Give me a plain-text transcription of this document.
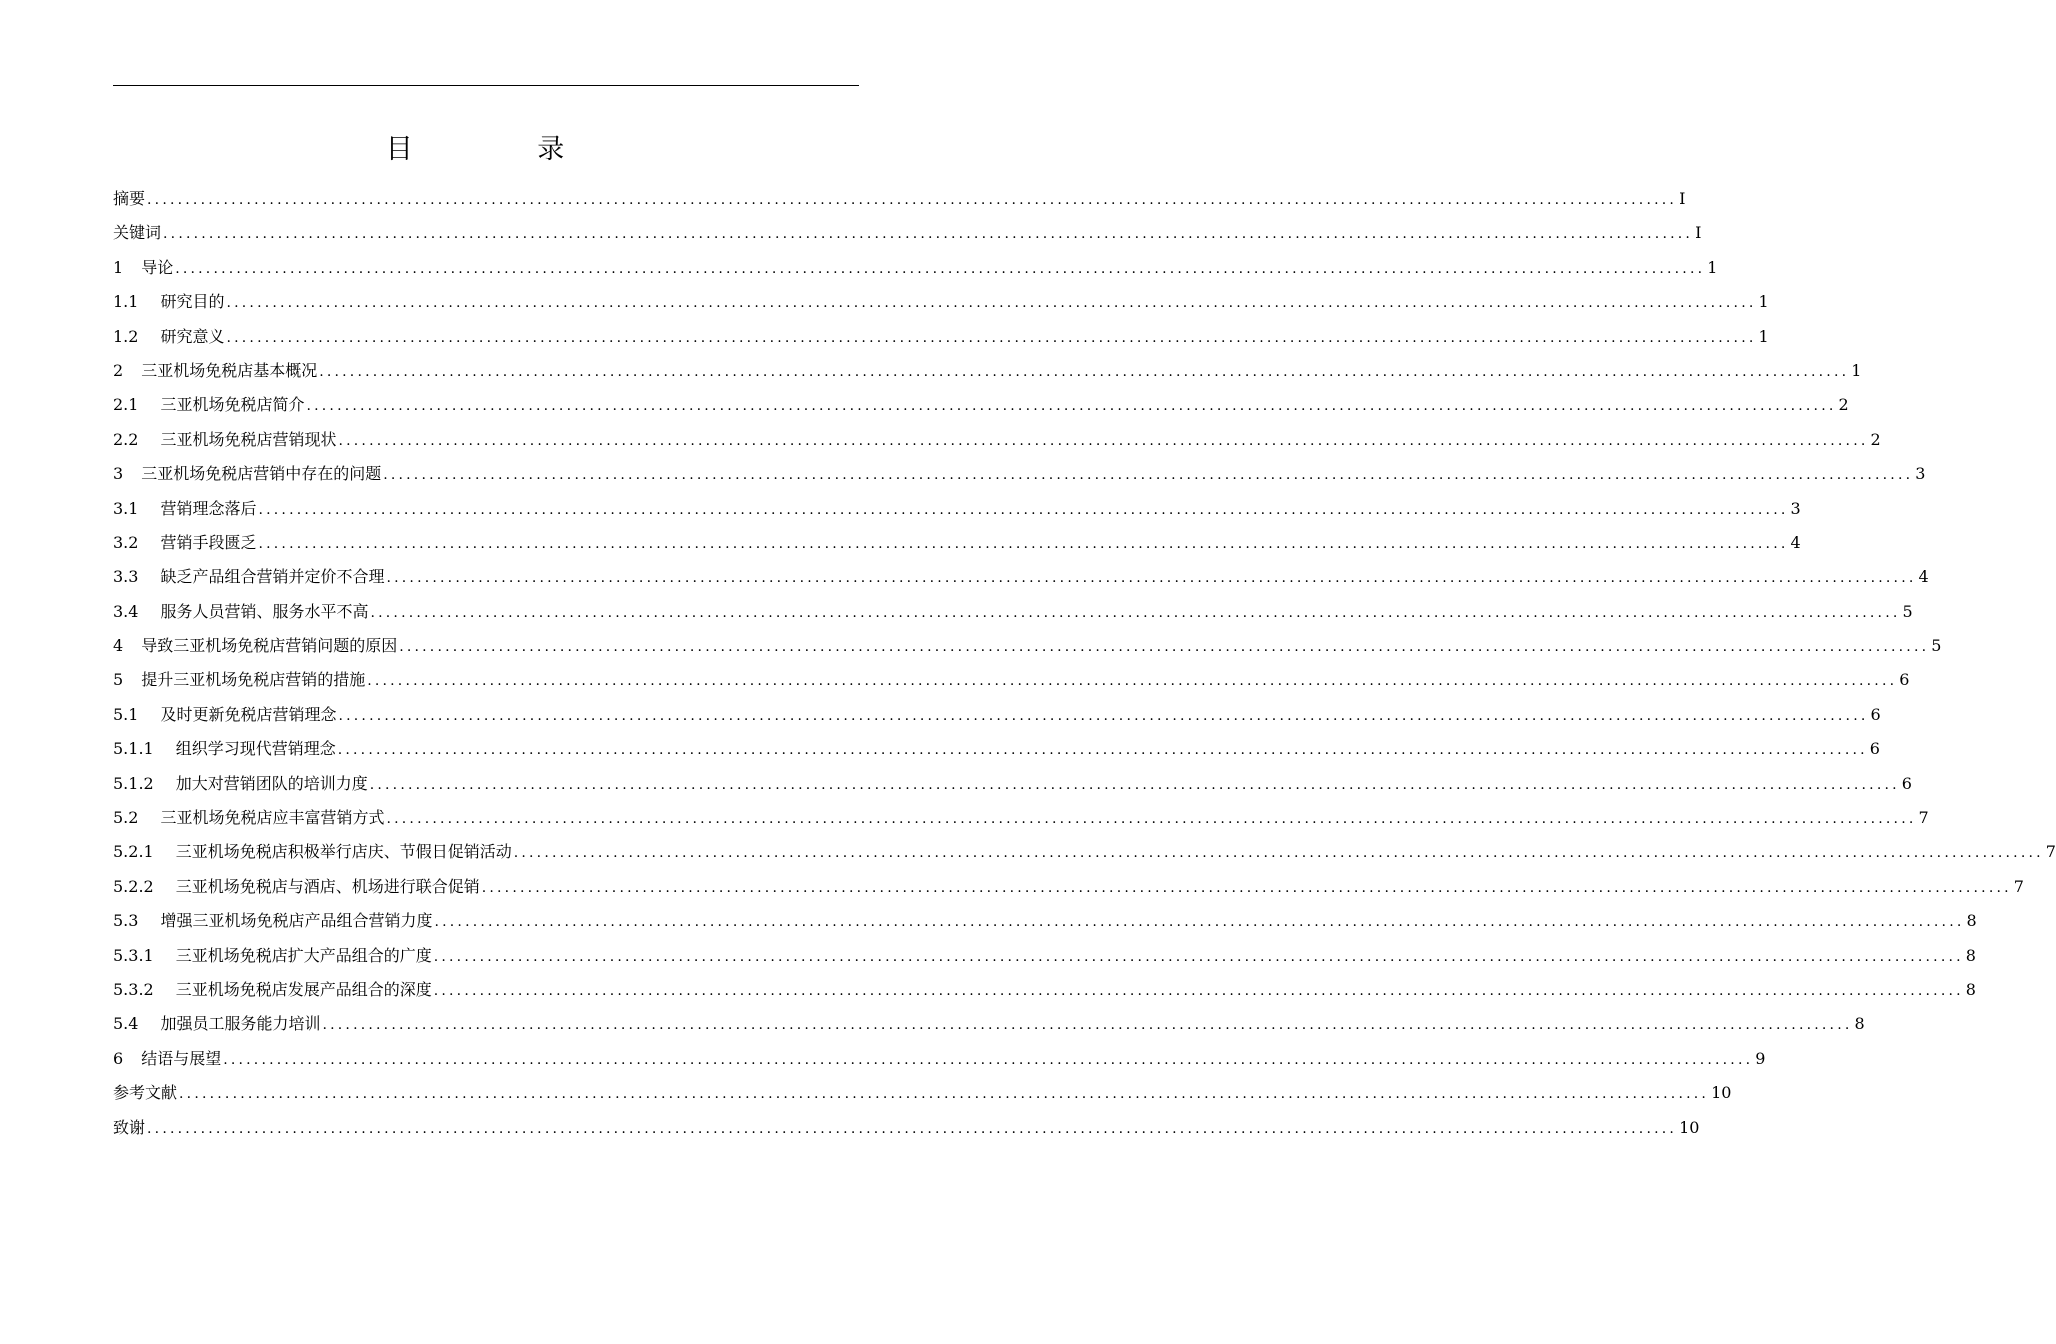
目 录
摘要 ........................................................................................................................................................................................................ I
关键词 ........................................................................................................................................................................................................ I
1 导论 ........................................................................................................................................................................................................ 1
1.1 研究目的 ........................................................................................................................................................................................................ 1
1.2 研究意义 ........................................................................................................................................................................................................ 1
2 三亚机场免税店基本概况 ........................................................................................................................................................................................................ 1
2.1 三亚机场免税店简介 ........................................................................................................................................................................................................ 2
2.2 三亚机场免税店营销现状 ........................................................................................................................................................................................................ 2
3 三亚机场免税店营销中存在的问题 ........................................................................................................................................................................................................ 3
3.1 营销理念落后 ........................................................................................................................................................................................................ 3
3.2 营销手段匮乏 ........................................................................................................................................................................................................ 4
3.3 缺乏产品组合营销并定价不合理 ........................................................................................................................................................................................................ 4
3.4 服务人员营销、服务水平不高 ........................................................................................................................................................................................................ 5
4 导致三亚机场免税店营销问题的原因 ........................................................................................................................................................................................................ 5
5 提升三亚机场免税店营销的措施 ........................................................................................................................................................................................................ 6
5.1 及时更新免税店营销理念 ........................................................................................................................................................................................................ 6
5.1.1 组织学习现代营销理念 ........................................................................................................................................................................................................ 6
5.1.2 加大对营销团队的培训力度 ........................................................................................................................................................................................................ 6
5.2 三亚机场免税店应丰富营销方式 ........................................................................................................................................................................................................ 7
5.2.1 三亚机场免税店积极举行店庆、节假日促销活动 ........................................................................................................................................................................................................ 7
5.2.2 三亚机场免税店与酒店、机场进行联合促销 ........................................................................................................................................................................................................ 7
5.3 增强三亚机场免税店产品组合营销力度 ........................................................................................................................................................................................................ 8
5.3.1 三亚机场免税店扩大产品组合的广度 ........................................................................................................................................................................................................ 8
5.3.2 三亚机场免税店发展产品组合的深度 ........................................................................................................................................................................................................ 8
5.4 加强员工服务能力培训 ........................................................................................................................................................................................................ 8
6 结语与展望 ........................................................................................................................................................................................................ 9
参考文献 ........................................................................................................................................................................................................ 10
致谢 ........................................................................................................................................................................................................ 10
